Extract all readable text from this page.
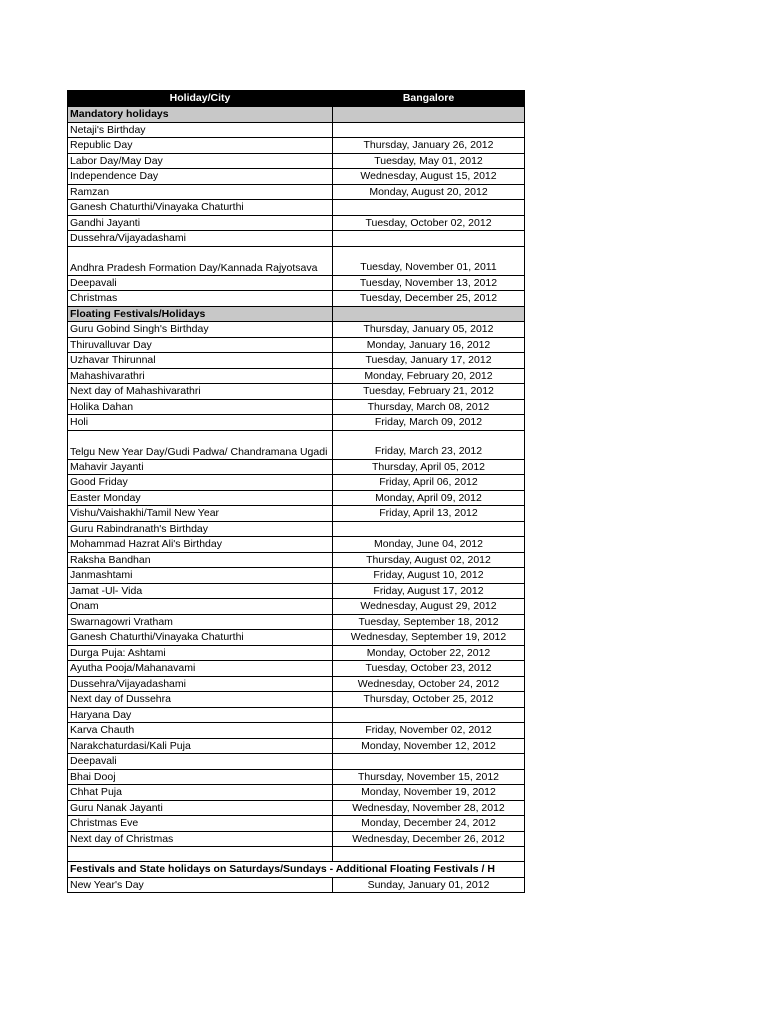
Holiday/City	Bangalore
Mandatory holidays	
Netaji's Birthday	
Republic Day	Thursday, January 26, 2012
Labor Day/May Day	Tuesday, May 01, 2012
Independence Day	Wednesday, August 15, 2012
Ramzan	Monday, August 20, 2012
Ganesh Chaturthi/Vinayaka Chaturthi	
Gandhi Jayanti	Tuesday, October 02, 2012
Dussehra/Vijayadashami	
Andhra Pradesh Formation Day/Kannada Rajyotsava	Tuesday, November 01, 2011
Deepavali	Tuesday, November 13, 2012
Christmas	Tuesday, December 25, 2012
Floating Festivals/Holidays	
Guru Gobind Singh's Birthday	Thursday, January 05, 2012
Thiruvalluvar Day	Monday, January 16, 2012
Uzhavar Thirunnal	Tuesday, January 17, 2012
Mahashivarathri	Monday, February 20, 2012
Next day of Mahashivarathri	Tuesday, February 21, 2012
Holika Dahan	Thursday, March 08, 2012
Holi	Friday, March 09, 2012
Telgu New Year Day/Gudi Padwa/ Chandramana Ugadi	Friday, March 23, 2012
Mahavir Jayanti	Thursday, April 05, 2012
Good Friday	Friday, April 06, 2012
Easter Monday	Monday, April 09, 2012
Vishu/Vaishakhi/Tamil New Year	Friday, April 13, 2012
Guru Rabindranath's Birthday	
Mohammad Hazrat Ali's Birthday	Monday, June 04, 2012
Raksha Bandhan	Thursday, August 02, 2012
Janmashtami	Friday, August 10, 2012
Jamat -Ul- Vida	Friday, August 17, 2012
Onam	Wednesday, August 29, 2012
Swarnagowri Vratham	Tuesday, September 18, 2012
Ganesh Chaturthi/Vinayaka Chaturthi	Wednesday, September 19, 2012
Durga Puja: Ashtami	Monday, October 22, 2012
Ayutha Pooja/Mahanavami	Tuesday, October 23, 2012
Dussehra/Vijayadashami	Wednesday, October 24, 2012
Next day of Dussehra	Thursday, October 25, 2012
Haryana Day	
Karva Chauth	Friday, November 02, 2012
Narakchaturdasi/Kali Puja	Monday, November 12, 2012
Deepavali	
Bhai Dooj	Thursday, November 15, 2012
Chhat Puja	Monday, November 19, 2012
Guru Nanak Jayanti	Wednesday, November 28, 2012
Christmas Eve	Monday, December 24, 2012
Next day of Christmas	Wednesday, December 26, 2012

Festivals and State holidays on Saturdays/Sundays - Additional Floating Festivals / H	
New Year's Day	Sunday, January 01, 2012
